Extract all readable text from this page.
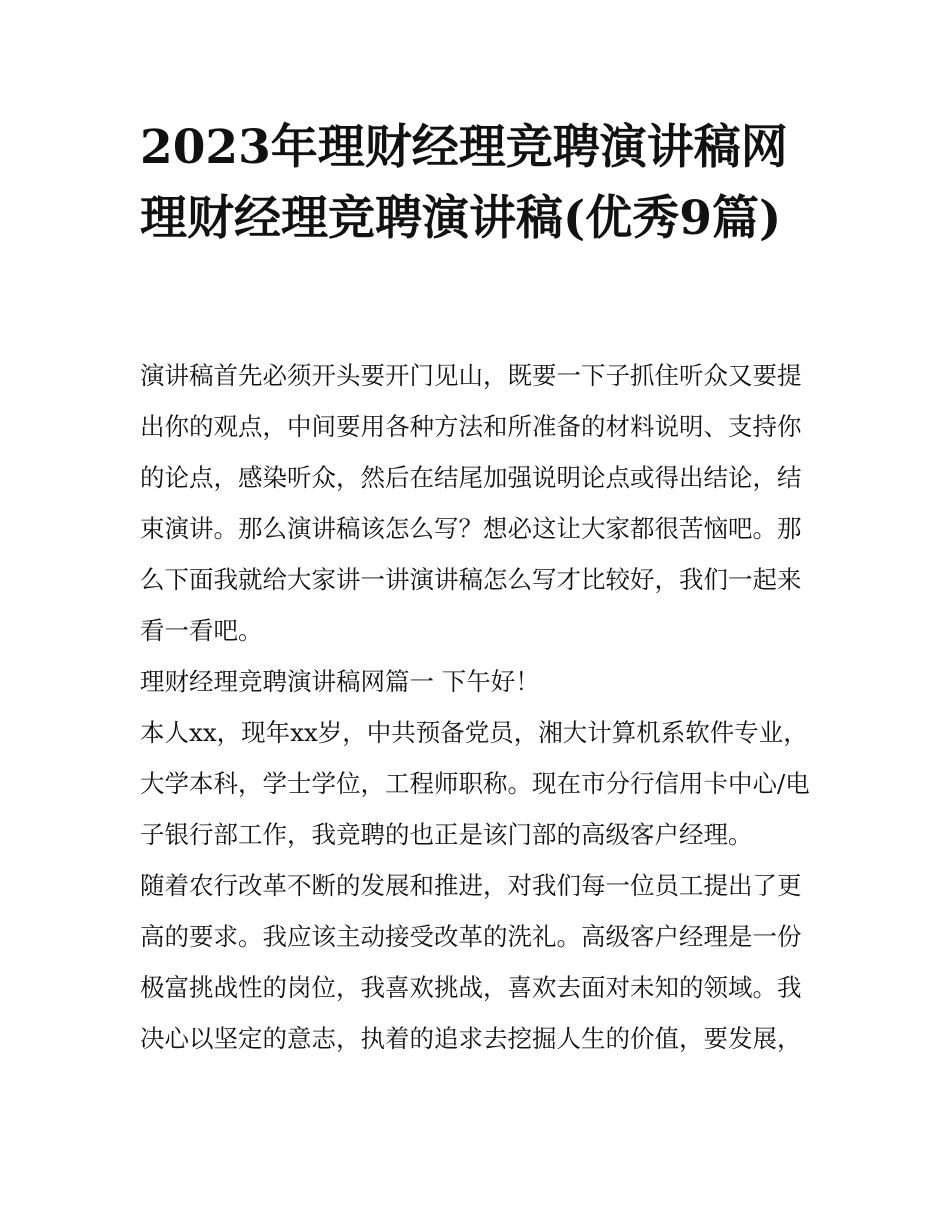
2023年理财经理竞聘演讲稿网理财经理竞聘演讲稿(优秀9篇)

演讲稿首先必须开头要开门见山，既要一下子抓住听众又要提出你的观点，中间要用各种方法和所准备的材料说明、支持你的论点，感染听众，然后在结尾加强说明论点或得出结论，结束演讲。那么演讲稿该怎么写？想必这让大家都很苦恼吧。那么下面我就给大家讲一讲演讲稿怎么写才比较好，我们一起来看一看吧。

理财经理竞聘演讲稿网篇一 下午好！

本人xx，现年xx岁，中共预备党员，湘大计算机系软件专业，大学本科，学士学位，工程师职称。现在市分行信用卡中心/电子银行部工作，我竞聘的也正是该门部的高级客户经理。

随着农行改革不断的发展和推进，对我们每一位员工提出了更高的要求。我应该主动接受改革的洗礼。高级客户经理是一份极富挑战性的岗位，我喜欢挑战，喜欢去面对未知的领域。我决心以坚定的意志，执着的追求去挖掘人生的价值，要发展，
